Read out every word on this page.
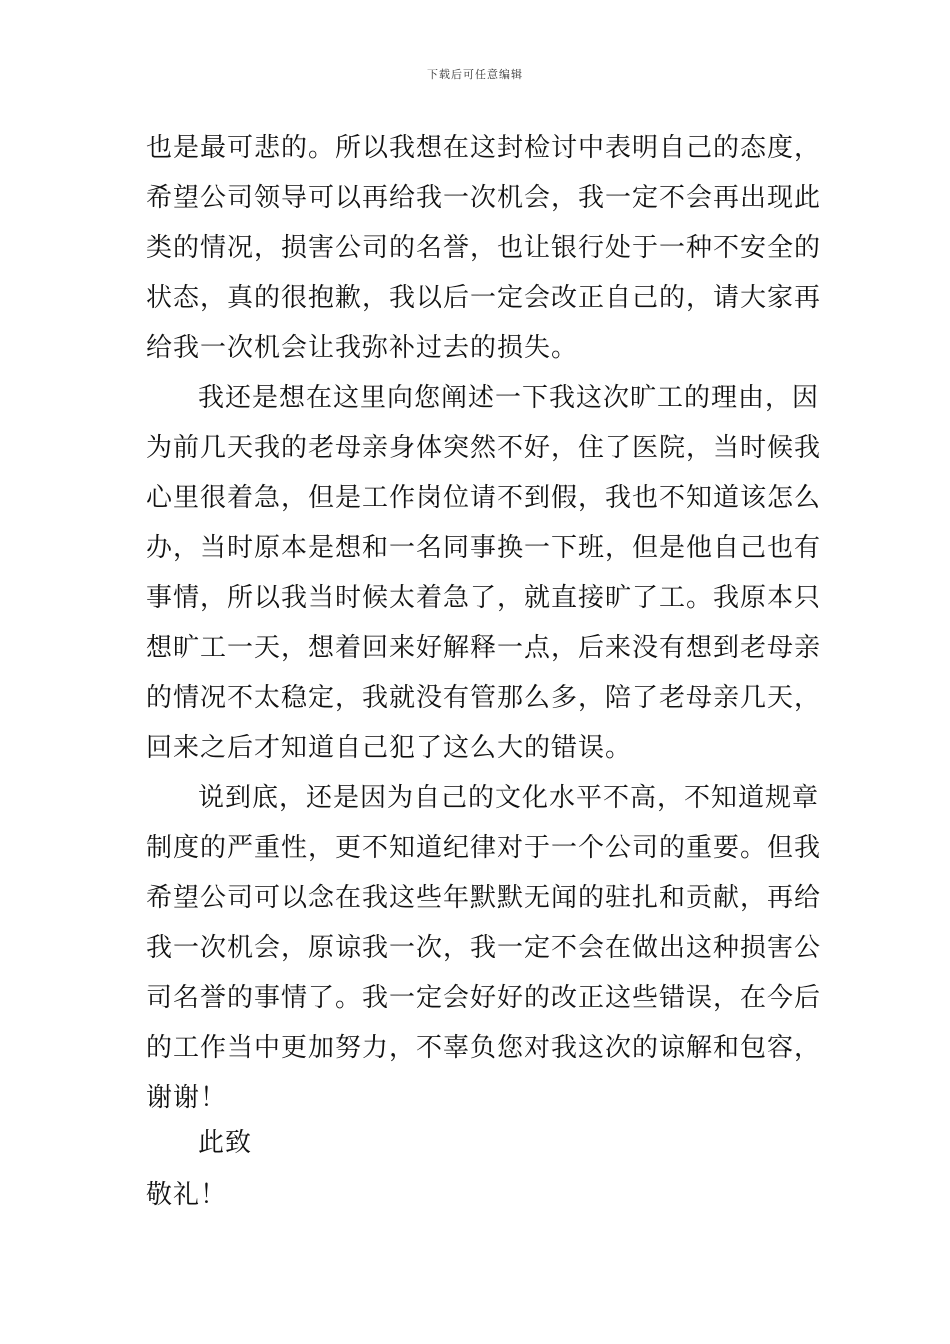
下载后可任意编辑
也是最可悲的。所以我想在这封检讨中表明自己的态度，
希望公司领导可以再给我一次机会，我一定不会再出现此
类的情况，损害公司的名誉，也让银行处于一种不安全的
状态，真的很抱歉，我以后一定会改正自己的，请大家再
给我一次机会让我弥补过去的损失。
我还是想在这里向您阐述一下我这次旷工的理由，因
为前几天我的老母亲身体突然不好，住了医院，当时候我
心里很着急，但是工作岗位请不到假，我也不知道该怎么
办，当时原本是想和一名同事换一下班，但是他自己也有
事情，所以我当时候太着急了，就直接旷了工。我原本只
想旷工一天，想着回来好解释一点，后来没有想到老母亲
的情况不太稳定，我就没有管那么多，陪了老母亲几天，
回来之后才知道自己犯了这么大的错误。
说到底，还是因为自己的文化水平不高，不知道规章
制度的严重性，更不知道纪律对于一个公司的重要。但我
希望公司可以念在我这些年默默无闻的驻扎和贡献，再给
我一次机会，原谅我一次，我一定不会在做出这种损害公
司名誉的事情了。我一定会好好的改正这些错误，在今后
的工作当中更加努力，不辜负您对我这次的谅解和包容，
谢谢！
此致
敬礼！
